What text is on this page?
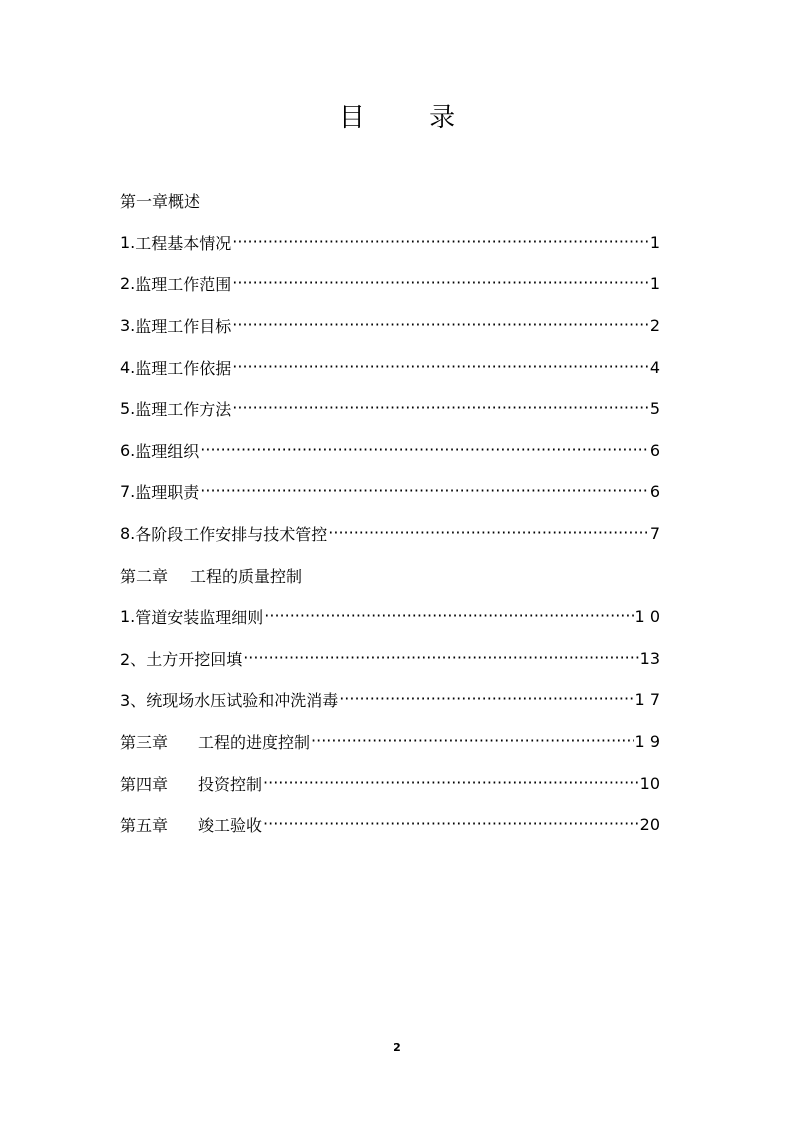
目 录
第一章概述
1. 工程基本情况 ·····	1
2. 监理工作范围 ·····	1
3. 监理工作目标 ·····	2
4. 监理工作依据 ·····	4
5. 监理工作方法 ·····	5
6. 监理组织 ·····	6
7. 监理职责 ·····	6
8. 各阶段工作安排与技术管控 ·····	7
第二章 工程的质量控制
1. 管道安装监理细则 ·····	1 0
2、 土方开挖回填 ·····	13
3、 统现场水压试验和冲洗消毒 ·····	1 7
第三章 工程的进度控制 ·····	1 9
第四章 投资控制 ·····	10
第五章 竣工验收 ·····	20
2
